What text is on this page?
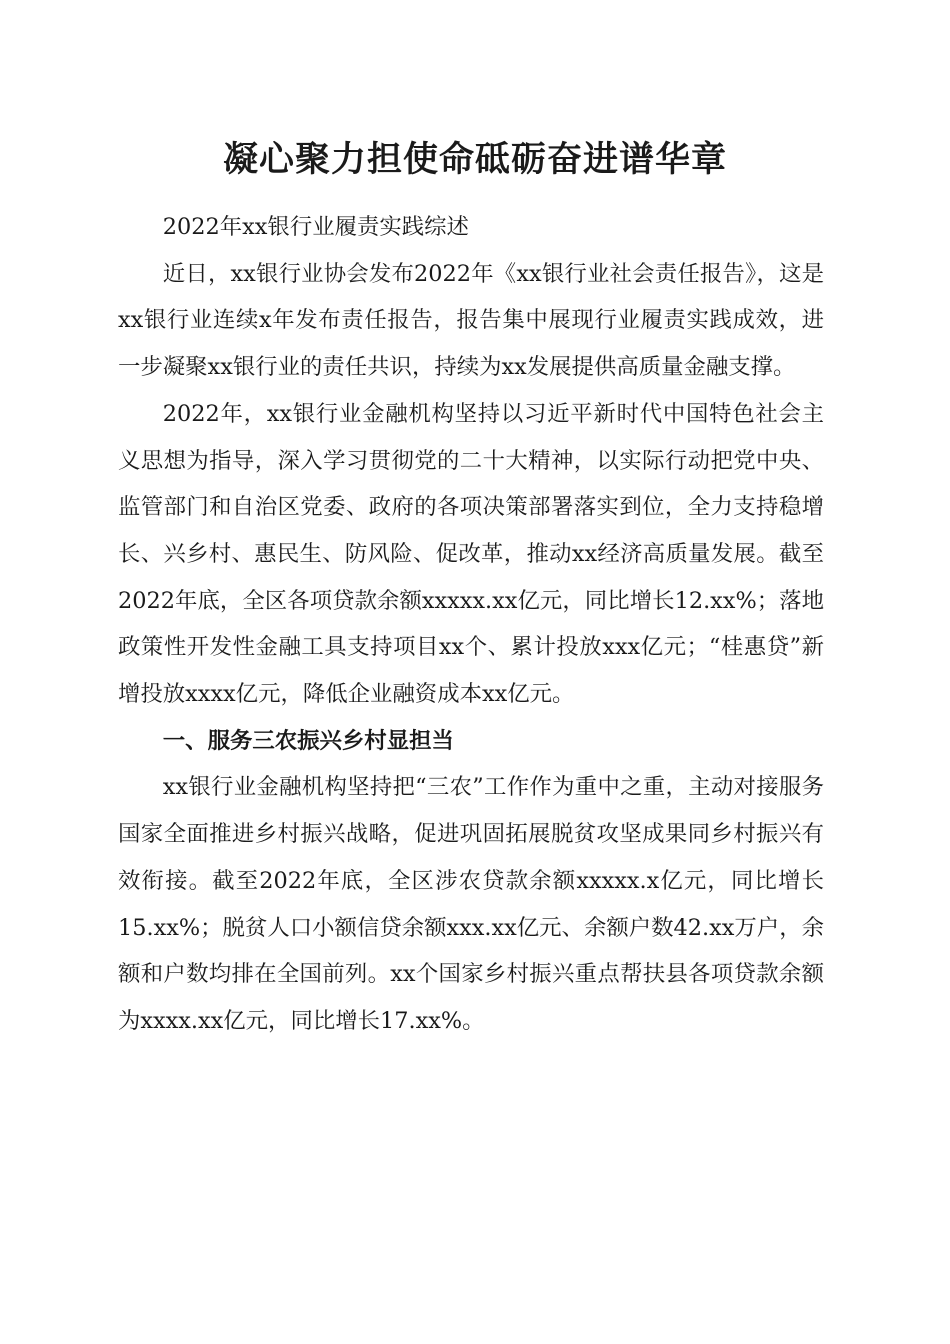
凝心聚力担使命砥砺奋进谱华章

2022年xx银行业履责实践综述

近日，xx银行业协会发布2022年《xx银行业社会责任报告》，这是xx银行业连续x年发布责任报告，报告集中展现行业履责实践成效，进一步凝聚xx银行业的责任共识，持续为xx发展提供高质量金融支撑。

2022年，xx银行业金融机构坚持以习近平新时代中国特色社会主义思想为指导，深入学习贯彻党的二十大精神，以实际行动把党中央、监管部门和自治区党委、政府的各项决策部署落实到位，全力支持稳增长、兴乡村、惠民生、防风险、促改革，推动xx经济高质量发展。截至2022年底，全区各项贷款余额xxxxx.xx亿元，同比增长12.xx%；落地政策性开发性金融工具支持项目xx个、累计投放xxx亿元；“桂惠贷”新增投放xxxx亿元，降低企业融资成本xx亿元。

一、服务三农振兴乡村显担当

xx银行业金融机构坚持把“三农”工作作为重中之重，主动对接服务国家全面推进乡村振兴战略，促进巩固拓展脱贫攻坚成果同乡村振兴有效衔接。截至2022年底，全区涉农贷款余额xxxxx.x亿元，同比增长15.xx%；脱贫人口小额信贷余额xxx.xx亿元、余额户数42.xx万户，余额和户数均排在全国前列。xx个国家乡村振兴重点帮扶县各项贷款余额为xxxx.xx亿元，同比增长17.xx%。
